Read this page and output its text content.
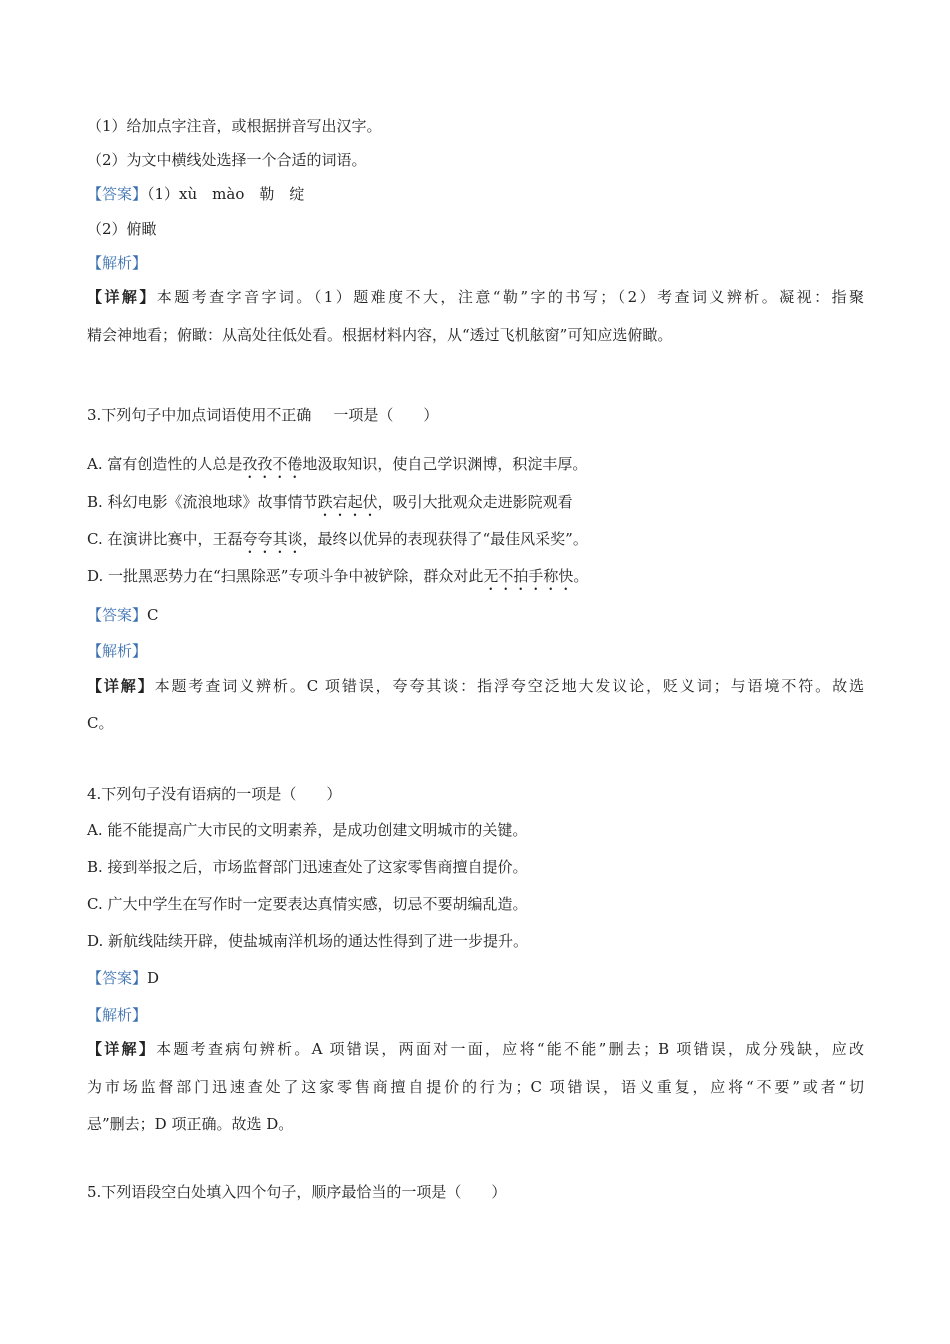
（1）给加点字注音，或根据拼音写出汉字。
（2）为文中横线处选择一个合适的词语。
【答案】（1）xù　mào　勒　绽
（2）俯瞰
【解析】
【详解】本题考查字音字词。（1）题难度不大，注意“勒”字的书写；（2）考查词义辨析。凝视：指聚
精会神地看；俯瞰：从高处往低处看。根据材料内容，从“透过飞机舷窗”可知应选俯瞰。
3.下列句子中加点词语使用不正确 一项是（　　）
A. 富有创造性的人总是孜孜不倦地汲取知识，使自己学识渊博，积淀丰厚。
B. 科幻电影《流浪地球》故事情节跌宕起伏，吸引大批观众走进影院观看
C. 在演讲比赛中，王磊夸夸其谈，最终以优异的表现获得了“最佳风采奖”。
D. 一批黑恶势力在“扫黑除恶”专项斗争中被铲除，群众对此无不拍手称快。
【答案】C
【解析】
【详解】本题考查词义辨析。C 项错误，夸夸其谈：指浮夸空泛地大发议论，贬义词；与语境不符。故选
C。
4.下列句子没有语病的一项是（　　）
A. 能不能提高广大市民的文明素养，是成功创建文明城市的关键。
B. 接到举报之后，市场监督部门迅速查处了这家零售商擅自提价。
C. 广大中学生在写作时一定要表达真情实感，切忌不要胡编乱造。
D. 新航线陆续开辟，使盐城南洋机场的通达性得到了进一步提升。
【答案】D
【解析】
【详解】本题考查病句辨析。A 项错误，两面对一面，应将“能不能”删去；B 项错误，成分残缺，应改
为市场监督部门迅速查处了这家零售商擅自提价的行为；C 项错误，语义重复，应将“不要”或者“切
忌”删去；D 项正确。故选 D。
5.下列语段空白处填入四个句子，顺序最恰当的一项是（　　）
